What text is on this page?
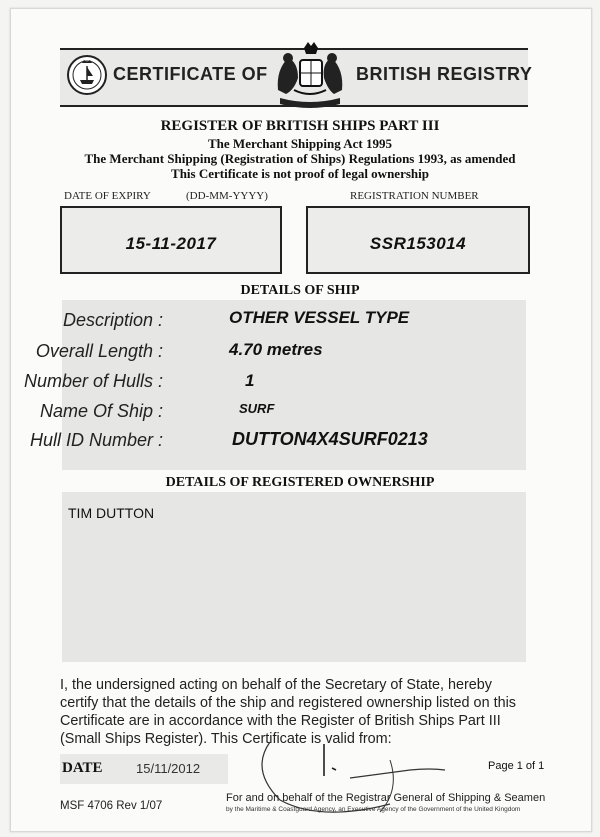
CERTIFICATE OF	BRITISH REGISTRY
REGISTER OF BRITISH SHIPS PART III
The Merchant Shipping Act 1995
The Merchant Shipping (Registration of Ships) Regulations 1993, as amended
This Certificate is not proof of legal ownership
DATE OF EXPIRY	(DD-MM-YYYY)	REGISTRATION NUMBER
15-11-2017	SSR153014
DETAILS OF SHIP
Description :	OTHER VESSEL TYPE
Overall Length :	4.70 metres
Number of Hulls :	1
Name Of Ship :	SURF
Hull ID Number :	DUTTON4X4SURF0213
DETAILS OF REGISTERED OWNERSHIP
TIM DUTTON
I, the undersigned acting on behalf of the Secretary of State, hereby certify that the details of the ship and registered ownership listed on this Certificate are in accordance with the Register of British Ships Part III (Small Ships Register). This Certificate is valid from:
DATE	15/11/2012	Page 1 of 1
MSF 4706 Rev 1/07
For and on behalf of the Registrar General of Shipping & Seamen
by the Maritime & Coastguard Agency, an Executive Agency of the Government of the United Kingdom
